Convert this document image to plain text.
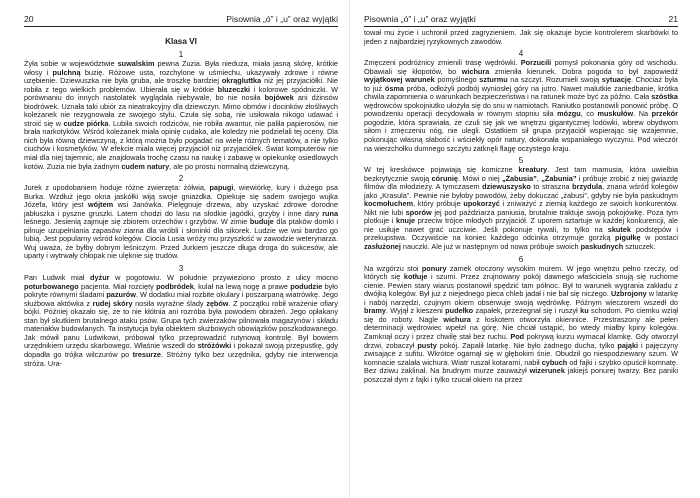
20	Pisownia „ó” i „u” oraz wyjątki
Klasa VI
1
Żyła sobie w województwie suwalskim pewna Zuzia. Była nieduża, miała jasną skórę, krótkie włosy i pulchną buzię. Różowe usta, rozchylone w uśmiechu, ukazywały zdrowe i równe uzębienie. Dziewuszka nie była gruba, ale troszkę bardziej okrągluttka niż jej przyjaciółki. Nie robiła z tego wielkich problemów. Ubierała się w krótkie bluzeczki i kolorowe spódniczki. W porównaniu do innych nastolatek wyglądała niebywale, bo nie nosiła bojówek ani dżinsów biodrówek. Uznała taki ubiór za nieatrakcyjny dla dziewczyn. Mimo obmów i docinków złośliwych koleżanek nie rezygnowała ze swojego stylu. Czuła się sobą, nie usiłowała nikogo udawać i stroić się w cudze piórka. Lubiła swoich rodziców, nie robiła awantur, nie paliła papierosów, nie brała narkotyków. Wśród koleżanek miała opinię cudaka, ale koledzy nie podzielali tej oceny. Dla nich była równą dziewczyną, z którą można było pogadać na wiele różnych tematów, a nie tylko ciuchów i kosmetyków. W efekcie miała więcej przyjaciół niż przyjaciółek. Świat komputerów nie miał dla niej tajemnic, ale znajdowała trochę czasu na naukę i zabawę w opiekunkę osiedlowych kotów. Zuzia nie była żadnym cudem natury, ale po prostu normalną dziewczyną.
2
Jurek z upodobaniem hoduje różne zwierzęta: żółwia, papugi, wiewiórkę, kury i dużego psa Burka. Wzdłuż jego okna jaskółki wiją swoje gniazdka. Opiekuje się sadem swojego wujka Józefa, który jest wójtem wsi Janówka. Pielęgnuje drzewa, aby uzyskać zdrowe dorodne jabłuszka i pyszne gruszki. Latem chodzi do lasu na słodkie jagódki, grzyby i inne dary runa leśnego. Jesienią zajmuje się zbiorem orzechów i grzybów. W zimie buduje dla ptaków domki i pilnuje uzupełniania zapasów ziarna dla wróbli i słoninki dla sikorek. Ludzie we wsi bardzo go lubią. Jest popularny wśród kolegów. Ciocia Lusia wróży mu przyszłość w zawodzie weterynarza. Wuj uważa, że byłby dobrym leśniczym. Przed Jurkiem jeszcze długa droga do sukcesów, ale uparty i wytrwały chłopak nie ulęknie się trudów.
3
Pan Ludwik miał dyżur w pogotowiu. W południe przywieziono prosto z ulicy mocno poturbowanego pacjenta. Miał rozcięty podbródek, kulał na lewą nogę a prawe podudzie było pokryte równymi śladami pazurów. W dodatku miał rozbite okulary i poszarpaną wiatrówkę. Jego służbowa aktówka z rudej skóry nosiła wyraźne ślady zębów. Z początku robił wrażenie ofiary bójki. Później okazało się, że to nie kłótnia ani rozróba była powodem obrażeń. Jego opłakany stan był skutkiem brutalnego ataku psów. Grupa tych zwierzaków pilnowała magazynów i składu materiałów budowlanych. Ta instytucja była obiektem służbowych obowiązków poszkodowanego. Jak mówił panu Ludwikowi, próbował tylko przeprowadzić rutynową kontrolę. Był bowiem urzędnikiem urzędu skarbowego. Właśnie wszedł do stróżówki i pokazał swoją przepustkę, gdy dopadła go trójka wilczurów po tresurze. Stróżny tylko bez urzędnika, gdyby nie interwencja stróża. Ura-
Pisownia „ó” i „u” oraz wyjątki	21
tował mu życie i uchronił przed zagryzieniem. Jak się okazuje bycie kontrolerem skarbówki to jeden z najbardziej ryzykownych zawodów.
4
Zmęczeni podróżnicy zmienili trasę wędrówki. Porzucili pomysł pokonania góry od wschodu. Obawiali się kłopotów, bo wichura zmieniła kierunek. Dobra pogoda to był zapowiedź wyjątkowej warunek pomyślnego szturmu na szczyt. Rozumieli swoją sytuację. Chociaż była to już ósma próba, odłożyli podbój wyniosłej góry na jutro. Nawet malutkie zaniedbanie, krótka chwila zapomnienia o warunkach bezpieczeństwa i na ratunek może być za późno. Cała szóstka wędrowców spokojniutko ułożyła się do snu w namiotach. Raniutko postanowili ponowić próbę. O powodzeniu operacji decydowała w równym stopniu siła mózgu, co muskułów. Na przekór pogodzie, która sprawiała, że czuli się jak we wnętrzu gigantycznej lodówki, wbrew obydwom siłom i zmęczeniu nóg, nie ulegli. Ostatkiem sił grupa przyjaciół wspierając się wzajemnie, pokonując własną słabość i wściekły opór natury, dokonała wspaniałego wyczynu. Pod wieczór na wierzchołku dumnego szczytu zatknęli flagę oczystego kraju.
5
W tej kreskówce pojawiają się komiczne kreatury. Jest tam mamusia, która uwielbia bezkrytycznie swoją córunię. Mówi o niej „Żabusia”, „Żabunia” i próbuje zrobić z niej gwiazdę filmów dla młodzieży. A tymczasem dziewuszysko to straszna brzydula, znana wśród kolegów jako „Krasula”. Pewnie nie byłoby powodów, żeby dokuczać „żabusi”, gdyby nie była paskudnym kocmołuchem, który próbuje upokorzyć i zniważyć z ziemią każdego ze swoich konkurentów. Nikt nie lubi sporów jej pod paździarza paniusia, brutalnie traktuje swoją pokojówkę. Poza tym plotkuje i knuje przeciw trójce młodych przyjaciół. Z uporem sztartuje w każdej konkurencji, ale nie usiłuje nawet grać uczciwie. Jeśli pokonuje rywali, to tylko na skutek podstępów i przekupstwa. Oczywiście na koniec każdego odcinka otrzymuje gorzką pigułkę w postaci zasłużonej nauczki. Ale już w następnym od nowa próbuje swoich paskudnych sztuczek.
6
Na wzgórzu stoi ponury zamek otoczony wysokim murem. W jego wnętrzu pełno rzeczy, od których się kotłuje i szumi. Przez zrujnowany pokój dawnego właściciela snują się ruchome cienie. Pewien stary wiarus postanowił spędzić tam północ. Był to warunek wygrania zakładu z dwójką kolegów. Był już z niejednego pieca chleb jadał i nie bał się niczego. Uzbrojony w latarkę i nabój narzędzi, czujnym okiem obserwuje swoją wędrówkę. Późnym wieczorem wszedł do bramy. Wyjął z kieszeni pudełko zapałek, przeżegnał się i ruszył ku schodom. Po ciemku wziął się do roboty. Nagle wichura z łoskotem otworzyła okiennice. Przestraszony ale pełen determinacji wędrowiec wpełzł na górę. Nie chciał ustąpić, bo wtedy miałby kpiny kolegów. Zamknął oczy i przez chwilę stał bez ruchu. Pod pokrywą kurzu wymacał klamkę. Gdy otworzył drzwi, zobaczył pusty pokój. Zapalił latarkę. Nie było żadnego ducha, tylko pająki i pajęczyny zwisające z sufitu. Wkrótce ogarnął się w głębokim śnie. Obudził go niespodziewany szum. W komnacie szalała wichura. Wiatr ruszał kotarami, nabił cybuch od fajki i szybko opuścił komnatę. Bez dziwu zaklinał. Na brudnym murze zauważył wizerunek jakiejś ponurej twarzy. Bez paniki poszczał dym z fajki i tylko rzucał okiem na przez
